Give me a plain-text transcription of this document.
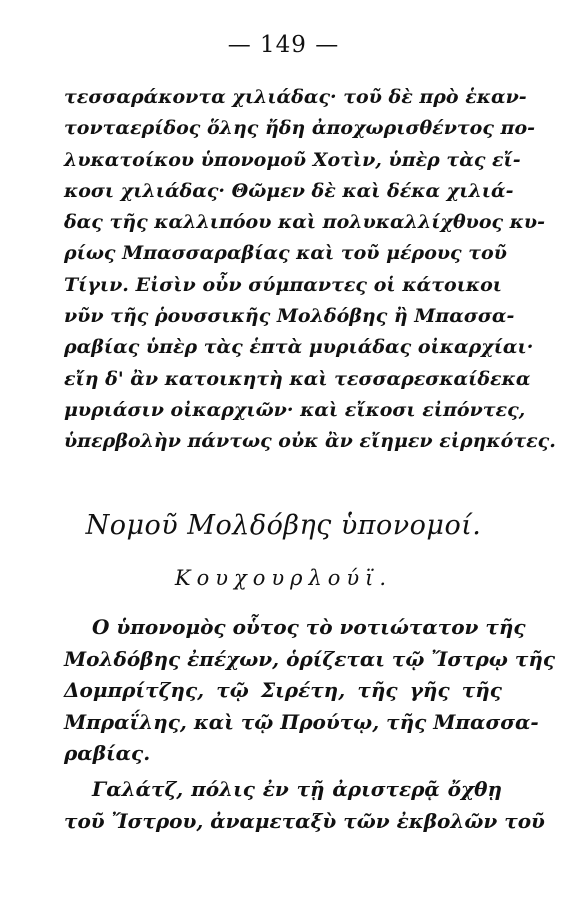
— 149 —
τεσσαράκοντα χιλιάδας· τοῦ δὲ πρὸ ἑκαν-
τονταερίδος ὅλης ἤδη ἀποχωρισθέντος πο-
λυκατοίκου ὑπονομοῦ Χοτὶν, ὑπὲρ τὰς εἴ-
κοσι χιλιάδας· Θῶμεν δὲ καὶ δέκα χιλιά-
δας τῆς καλλιπόου καὶ πολυκαλλίχθυος κυ-
ρίως Μπασσαραβίας καὶ τοῦ μέρους τοῦ
Τίγιν. Εἰσὶν οὖν σύμπαντες οἱ κάτοικοι
νῦν τῆς ῥουσσικῆς Μολδόβης ἢ Μπασσα-
ραβίας ὑπὲρ τὰς ἑπτὰ μυριάδας οἰκαρχίαι·
εἴη δ' ἂν κατοικητὴ καὶ τεσσαρεσκαίδεκα
μυριάσιν οἰκαρχιῶν· καὶ εἴκοσι εἰπόντες,
ὑπερβολὴν πάντως οὐκ ἂν εἴημεν εἰρηκότες.
Νομοῦ Μολδόβης ὑπονομοί.
Κουχουρλούϊ.
Ο ὑπονομὸς οὗτος τὸ νοτιώτατον τῆς
Μολδόβης ἐπέχων, ὁρίζεται τῷ Ἴστρῳ τῆς
Δομπρίτζης, τῷ Σιρέτη, τῆς γῆς τῆς
Μπραΐλης, καὶ τῷ Προύτῳ, τῆς Μπασσα-
ραβίας.
Γαλάτζ, πόλις ἐν τῇ ἀριστερᾷ ὄχθῃ
τοῦ Ἴστρου, ἀναμεταξὺ τῶν ἐκβολῶν τοῦ
